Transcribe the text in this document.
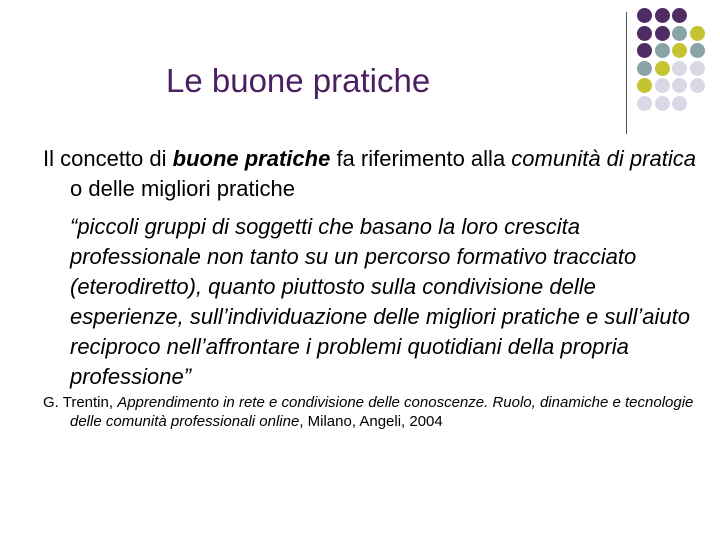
Le buone pratiche
Il concetto di buone pratiche fa riferimento alla comunità di pratica o delle migliori pratiche
“piccoli gruppi di soggetti che basano la loro crescita professionale non tanto su un percorso formativo tracciato (eterodiretto), quanto piuttosto sulla condivisione delle esperienze, sull’individuazione delle migliori pratiche e sull’aiuto reciproco nell’affrontare i problemi quotidiani della propria professione”
G. Trentin, Apprendimento in rete e condivisione delle conoscenze. Ruolo, dinamiche e tecnologie delle comunità professionali online, Milano, Angeli, 2004
